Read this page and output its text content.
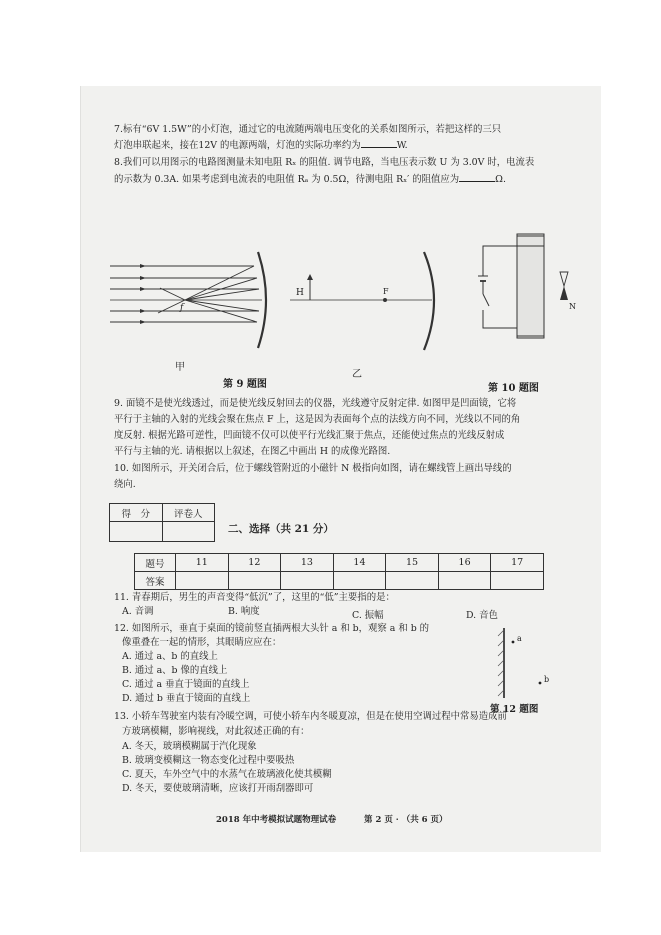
7.标有“6V 1.5W”的小灯泡，通过它的电流随两端电压变化的关系如图所示，若把这样的三只
灯泡串联起来，接在12V 的电源两端，灯泡的实际功率约为	W.
8.我们可以用图示的电路图测量未知电阻 Rₓ 的阻值. 调节电路，当电压表示数 U 为 3.0V 时，电流表
的示数为 0.3A. 如果考虑到电流表的电阻值 Rₐ 为 0.5Ω，待测电阻 Rₓ′ 的阻值应为	Ω.
f
甲
H	F
乙
N
第 9 题图	第 10 题图
9. 面镜不是使光线透过，而是使光线反射回去的仪器，光线遵守反射定律. 如图甲是凹面镜，它将
平行于主轴的入射的光线会聚在焦点 F 上，这是因为表面每个点的法线方向不同，光线以不同的角
度反射. 根据光路可逆性，凹面镜不仅可以使平行光线汇聚于焦点，还能使过焦点的光线反射成
平行与主轴的光. 请根据以上叙述，在图乙中画出 H 的成像光路图.
10. 如图所示，开关闭合后，位于螺线管附近的小磁针 N 极指向如图，请在螺线管上画出导线的
绕向.
得　分	评卷人

二、选择（共 21 分）
题号	11	12	13	14	15	16	17
答案							
11. 青春期后，男生的声音变得“低沉”了，这里的“低”主要指的是：
A. 音调	B. 响度	C. 振幅	D. 音色
12. 如图所示，垂直于桌面的镜前竖直插两根大头针 a 和 b，观察 a 和 b 的
像重叠在一起的情形，其眼睛应应在：
A. 通过 a、b 的直线上
B. 通过 a、b 像的直线上
C. 通过 a 垂直于镜面的直线上
D. 通过 b 垂直于镜面的直线上
a
b
第 12 题图
13. 小轿车驾驶室内装有冷暖空调，可使小轿车内冬暖夏凉，但是在使用空调过程中常易造成前
方玻璃模糊，影响视线，对此叙述正确的有：
A. 冬天，玻璃模糊属于汽化现象
B. 玻璃变模糊这一物态变化过程中要吸热
C. 夏天，车外空气中的水蒸气在玻璃液化使其模糊
D. 冬天，要使玻璃清晰，应该打开雨刮器即可
2018 年中考模拟试题物理试卷	第 2 页 · （共 6 页）
